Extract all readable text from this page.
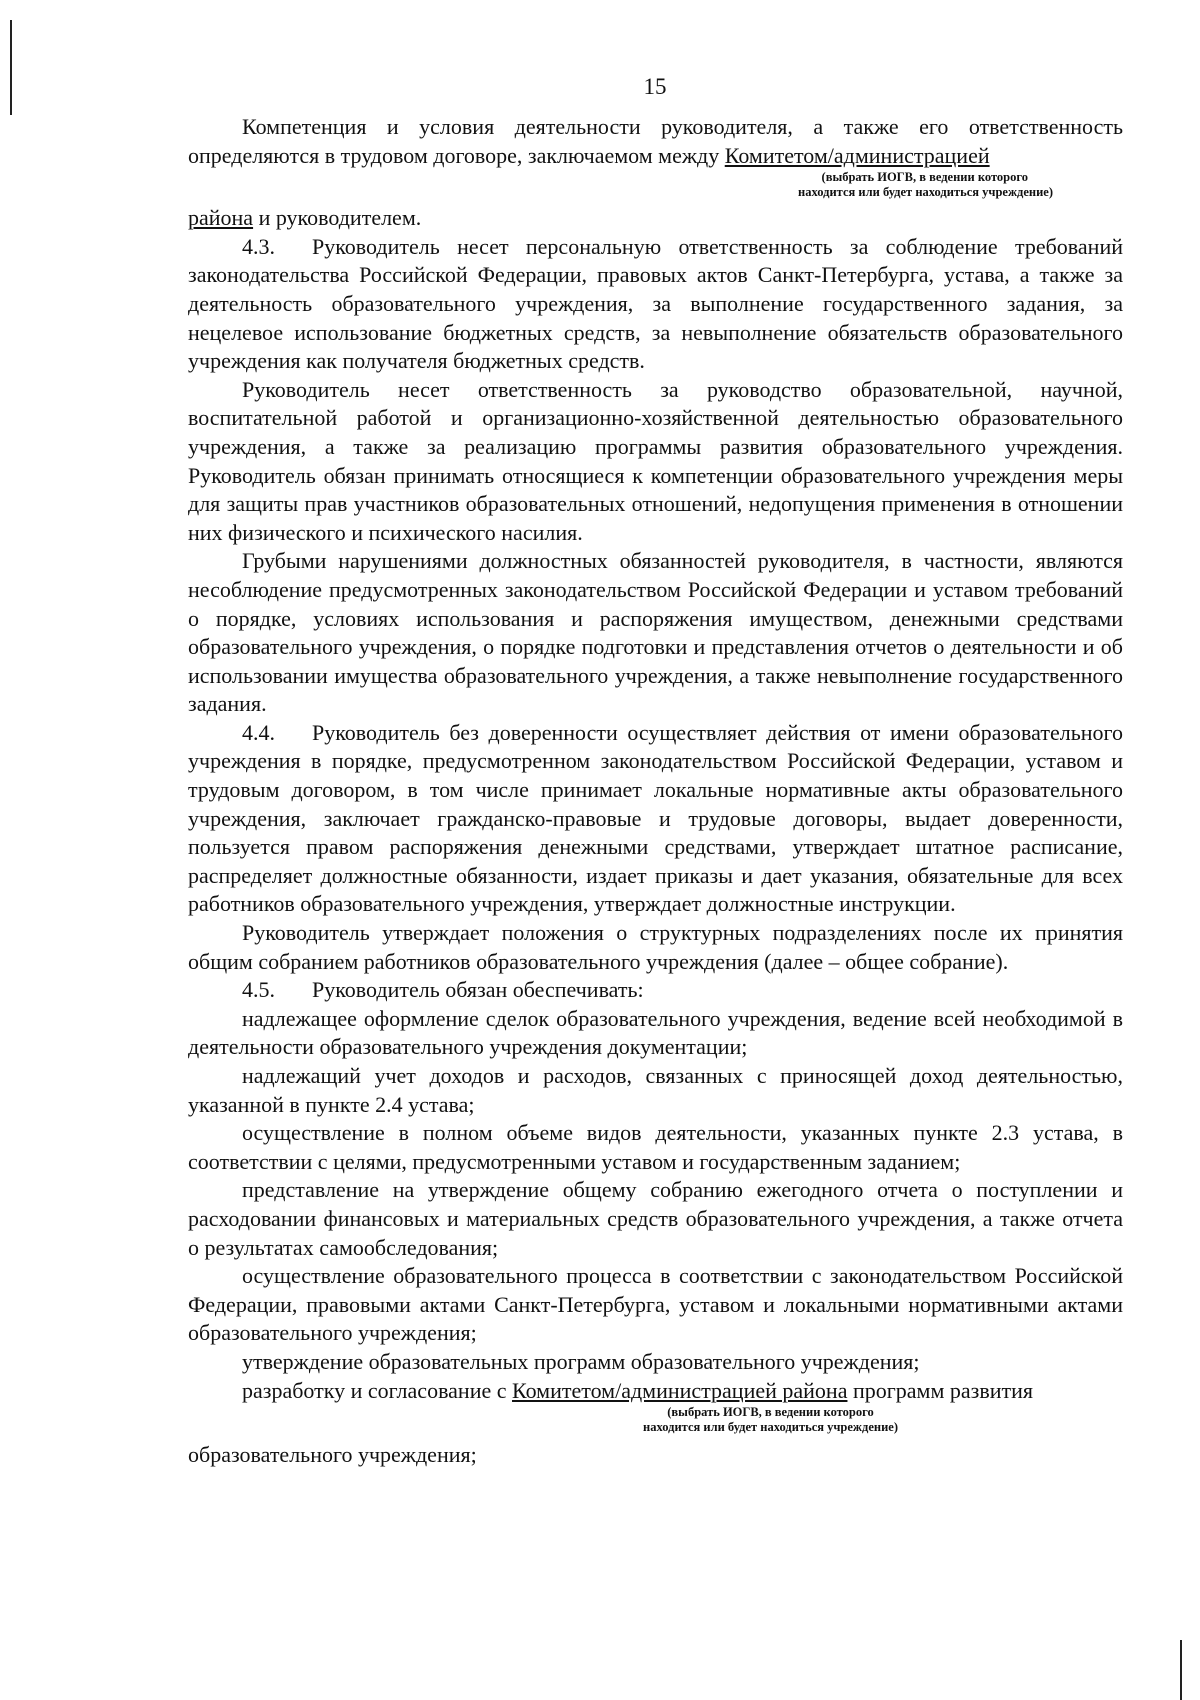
15

Компетенция и условия деятельности руководителя, а также его ответственность определяются в трудовом договоре, заключаемом между Комитетом/администрацией

(выбрать ИОГВ, в ведении которого
находится или будет находиться учреждение)

района и руководителем.

4.3. Руководитель несет персональную ответственность за соблюдение требований законодательства Российской Федерации, правовых актов Санкт-Петербурга, устава, а также за деятельность образовательного учреждения, за выполнение государственного задания, за нецелевое использование бюджетных средств, за невыполнение обязательств образовательного учреждения как получателя бюджетных средств.

Руководитель несет ответственность за руководство образовательной, научной, воспитательной работой и организационно-хозяйственной деятельностью образовательного учреждения, а также за реализацию программы развития образовательного учреждения. Руководитель обязан принимать относящиеся к компетенции образовательного учреждения меры для защиты прав участников образовательных отношений, недопущения применения в отношении них физического и психического насилия.

Грубыми нарушениями должностных обязанностей руководителя, в частности, являются несоблюдение предусмотренных законодательством Российской Федерации и уставом требований о порядке, условиях использования и распоряжения имуществом, денежными средствами образовательного учреждения, о порядке подготовки и представления отчетов о деятельности и об использовании имущества образовательного учреждения, а также невыполнение государственного задания.

4.4. Руководитель без доверенности осуществляет действия от имени образовательного учреждения в порядке, предусмотренном законодательством Российской Федерации, уставом и трудовым договором, в том числе принимает локальные нормативные акты образовательного учреждения, заключает гражданско-правовые и трудовые договоры, выдает доверенности, пользуется правом распоряжения денежными средствами, утверждает штатное расписание, распределяет должностные обязанности, издает приказы и дает указания, обязательные для всех работников образовательного учреждения, утверждает должностные инструкции.

Руководитель утверждает положения о структурных подразделениях после их принятия общим собранием работников образовательного учреждения (далее – общее собрание).

4.5. Руководитель обязан обеспечивать:

надлежащее оформление сделок образовательного учреждения, ведение всей необходимой в деятельности образовательного учреждения документации;

надлежащий учет доходов и расходов, связанных с приносящей доход деятельностью, указанной в пункте 2.4 устава;

осуществление в полном объеме видов деятельности, указанных пункте 2.3 устава, в соответствии с целями, предусмотренными уставом и государственным заданием;

представление на утверждение общему собранию ежегодного отчета о поступлении и расходовании финансовых и материальных средств образовательного учреждения, а также отчета о результатах самообследования;

осуществление образовательного процесса в соответствии с законодательством Российской Федерации, правовыми актами Санкт-Петербурга, уставом и локальными нормативными актами образовательного учреждения;

утверждение образовательных программ образовательного учреждения;

разработку и согласование с Комитетом/администрацией района программ развития

(выбрать ИОГВ, в ведении которого
находится или будет находиться учреждение)

образовательного учреждения;
